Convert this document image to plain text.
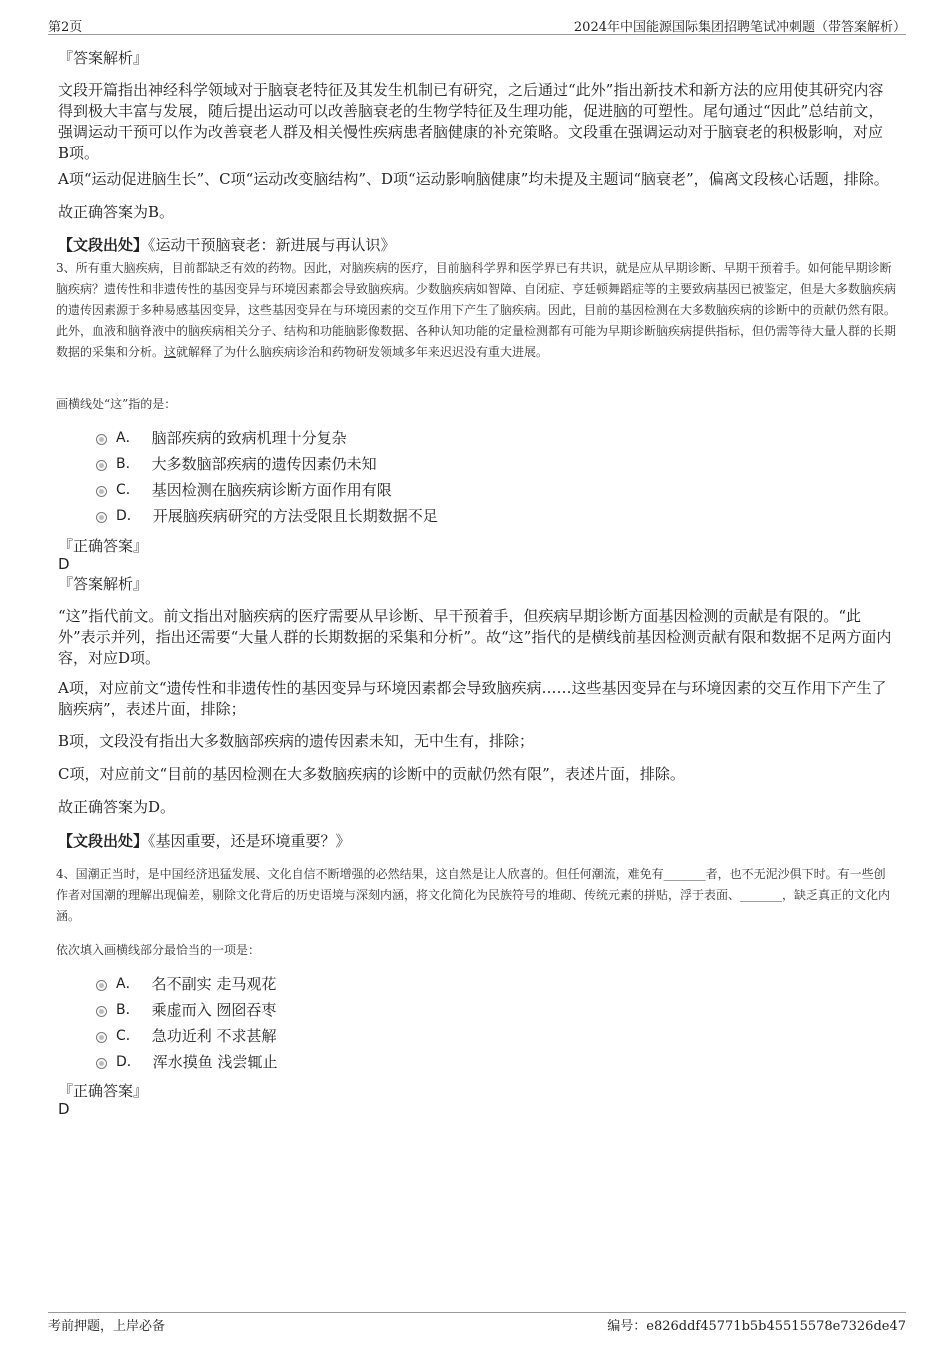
第2页	2024年中国能源国际集团招聘笔试冲刺题（带答案解析）
『答案解析』

文段开篇指出神经科学领域对于脑衰老特征及其发生机制已有研究，之后通过“此外”指出新技术和新方法的应用使其研究内容得到极大丰富与发展，随后提出运动可以改善脑衰老的生物学特征及生理功能，促进脑的可塑性。尾句通过“因此”总结前文，强调运动干预可以作为改善衰老人群及相关慢性疾病患者脑健康的补充策略。文段重在强调运动对于脑衰老的积极影响，对应B项。

A项“运动促进脑生长”、C项“运动改变脑结构”、D项“运动影响脑健康”均未提及主题词“脑衰老”，偏离文段核心话题，排除。

故正确答案为B。

【文段出处】《运动干预脑衰老：新进展与再认识》

3、所有重大脑疾病，目前都缺乏有效的药物。因此，对脑疾病的医疗，目前脑科学界和医学界已有共识，就是应从早期诊断、早期干预着手。如何能早期诊断脑疾病？遗传性和非遗传性的基因变异与环境因素都会导致脑疾病。少数脑疾病如智障、自闭症、亨廷顿舞蹈症等的主要致病基因已被鉴定，但是大多数脑疾病的遗传因素源于多种易感基因变异，这些基因变异在与环境因素的交互作用下产生了脑疾病。因此，目前的基因检测在大多数脑疾病的诊断中的贡献仍然有限。此外，血液和脑脊液中的脑疾病相关分子、结构和功能脑影像数据、各种认知功能的定量检测都有可能为早期诊断脑疾病提供指标，但仍需等待大量人群的长期数据的采集和分析。这就解释了为什么脑疾病诊治和药物研发领域多年来迟迟没有重大进展。

画横线处“这”指的是：
A． 脑部疾病的致病机理十分复杂
B． 大多数脑部疾病的遗传因素仍未知
C． 基因检测在脑疾病诊断方面作用有限
D． 开展脑疾病研究的方法受限且长期数据不足
『正确答案』
D
『答案解析』

“这”指代前文。前文指出对脑疾病的医疗需要从早诊断、早干预着手，但疾病早期诊断方面基因检测的贡献是有限的。“此外”表示并列，指出还需要“大量人群的长期数据的采集和分析”。故“这”指代的是横线前基因检测贡献有限和数据不足两方面内容，对应D项。

A项，对应前文“遗传性和非遗传性的基因变异与环境因素都会导致脑疾病……这些基因变异在与环境因素的交互作用下产生了脑疾病”，表述片面，排除；

B项，文段没有指出大多数脑部疾病的遗传因素未知，无中生有，排除；

C项，对应前文“目前的基因检测在大多数脑疾病的诊断中的贡献仍然有限”，表述片面，排除。

故正确答案为D。

【文段出处】《基因重要，还是环境重要？》

4、国潮正当时，是中国经济迅猛发展、文化自信不断增强的必然结果，这自然是让人欣喜的。但任何潮流，难免有_______者，也不无泥沙俱下时。有一些创作者对国潮的理解出现偏差，剔除文化背后的历史语境与深刻内涵，将文化简化为民族符号的堆砌、传统元素的拼贴，浮于表面、_______，缺乏真正的文化内涵。

依次填入画横线部分最恰当的一项是：
A． 名不副实 走马观花
B． 乘虚而入 囫囵吞枣
C． 急功近利 不求甚解
D． 浑水摸鱼 浅尝辄止
『正确答案』
D
考前押题，上岸必备	编号：e826ddf45771b5b45515578e7326de47
